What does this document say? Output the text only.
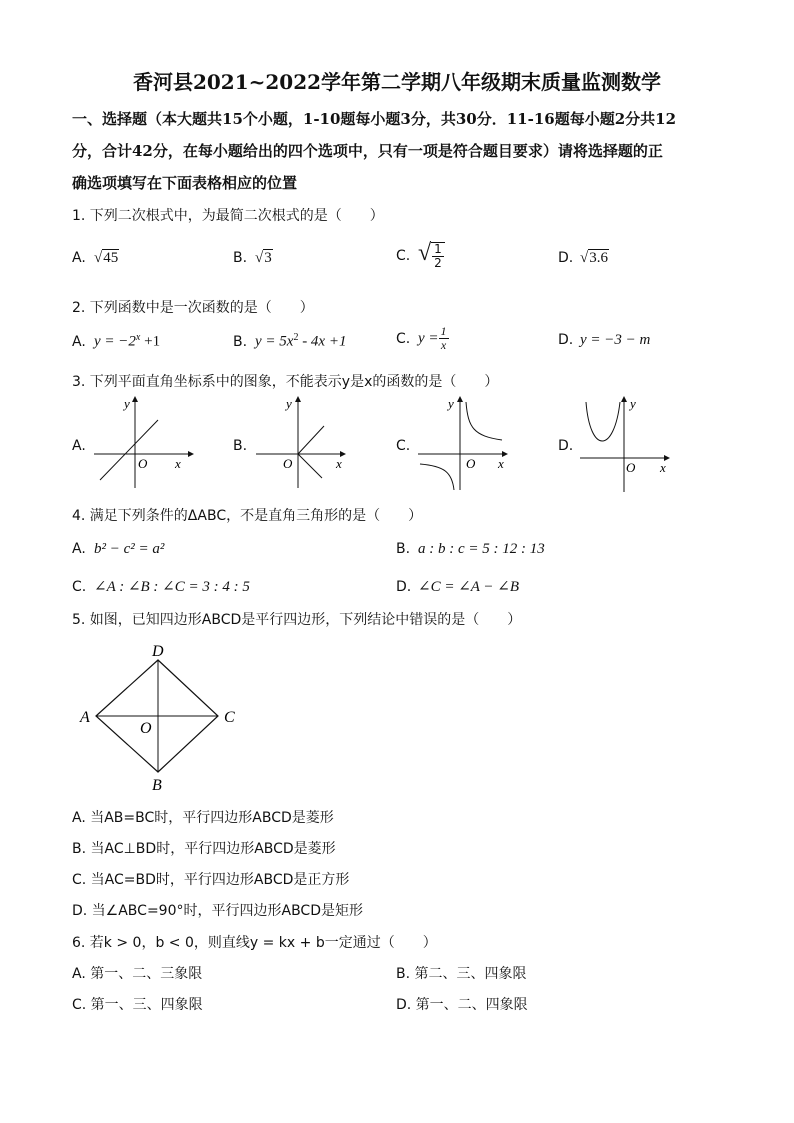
香河县2021~2022学年第二学期八年级期末质量监测数学
一、选择题（本大题共15个小题，1-10题每小题3分，共30分．11-16题每小题2分共12
分，合计42分，在每小题给出的四个选项中，只有一项是符合题目要求）请将选择题的正
确选项填写在下面表格相应的位置
1. 下列二次根式中，为最简二次根式的是（　　）
A. √45	B. √3	C. √ $\frac{1}{2}$	D. √3.6
2. 下列函数中是一次函数的是（　　）
A. $y = -2^x +1$	B. $y = 5x^2 - 4x +1$	C. $y = \frac{1}{x}$	D. y = −3 − m
3. 下列平面直角坐标系中的图象，不能表示y是x的函数的是（　　）
A.
x
y
O
B.
x
y
O
C.
x
y
O
D.
x
y
O
4. 满足下列条件的ΔABC，不是直角三角形的是（　　）
A. b² − c² = a²	B. a : b : c = 5 : 12 : 13
C. ∠A : ∠B : ∠C = 3 : 4 : 5	D. ∠C = ∠A − ∠B
5. 如图，已知四边形ABCD是平行四边形，下列结论中错误的是（　　）
A	C
D
B
O
A. 当AB=BC时，平行四边形ABCD是菱形
B. 当AC⊥BD时，平行四边形ABCD是菱形
C. 当AC=BD时，平行四边形ABCD是正方形
D. 当∠ABC=90°时，平行四边形ABCD是矩形
6. 若k > 0，b < 0，则直线y = kx + b一定通过（　　）
A. 第一、二、三象限	B. 第二、三、四象限
C. 第一、三、四象限	D. 第一、二、四象限
